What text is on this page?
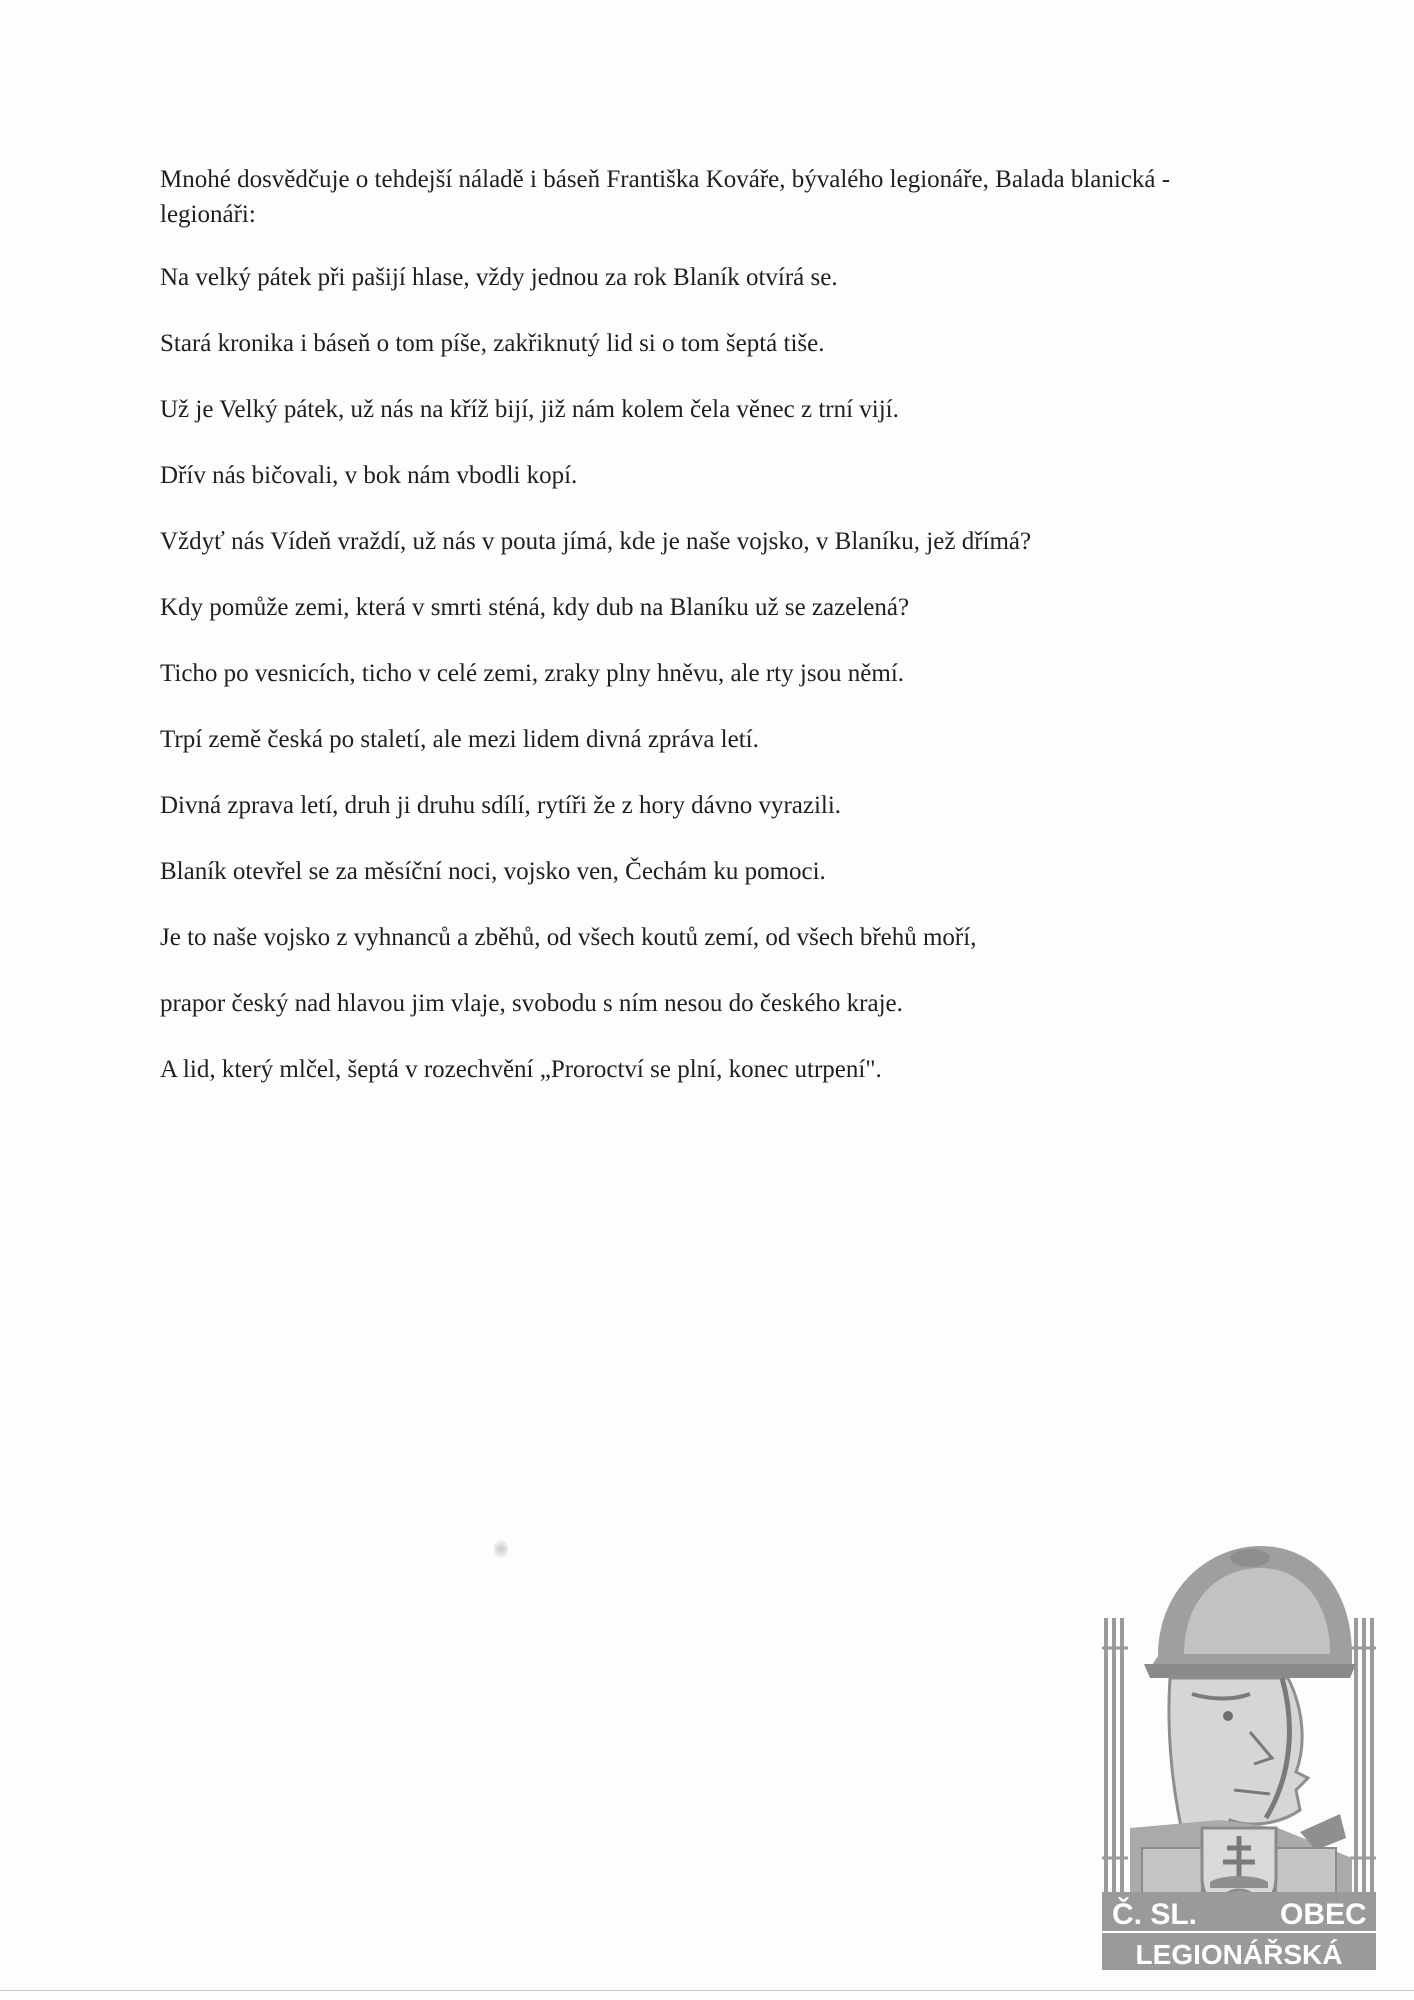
Mnohé dosvědčuje o tehdejší náladě i báseň Františka Kováře, bývalého legionáře, Balada blanická - legionáři:

Na velký pátek při pašijí hlase, vždy jednou za rok Blaník otvírá se.

Stará kronika i báseň o tom píše, zakřiknutý lid si o tom šeptá tiše.

Už je Velký pátek, už nás na kříž bijí, již nám kolem čela věnec z trní vijí.

Dřív nás bičovali, v bok nám vbodli kopí.

Vždyť nás Vídeň vraždí, už nás v pouta jímá, kde je naše vojsko, v Blaníku, jež dřímá?

Kdy pomůže zemi, která v smrti sténá, kdy dub na Blaníku už se zazelená?

Ticho po vesnicích, ticho v celé zemi, zraky plny hněvu, ale rty jsou němí.

Trpí země česká po staletí, ale mezi lidem divná zpráva letí.

Divná zprava letí, druh ji druhu sdílí, rytíři že z hory dávno vyrazili.

Blaník otevřel se za měsíční noci, vojsko ven, Čechám ku pomoci.

Je to naše vojsko z vyhnanců a zběhů, od všech koutů zemí, od všech břehů moří,

prapor český nad hlavou jim vlaje, svobodu s ním nesou do českého kraje.

A lid, který mlčel, šeptá v rozechvění „Proroctví se plní, konec utrpení".

Č. SL.	OBEC
LEGIONÁŘSKÁ
